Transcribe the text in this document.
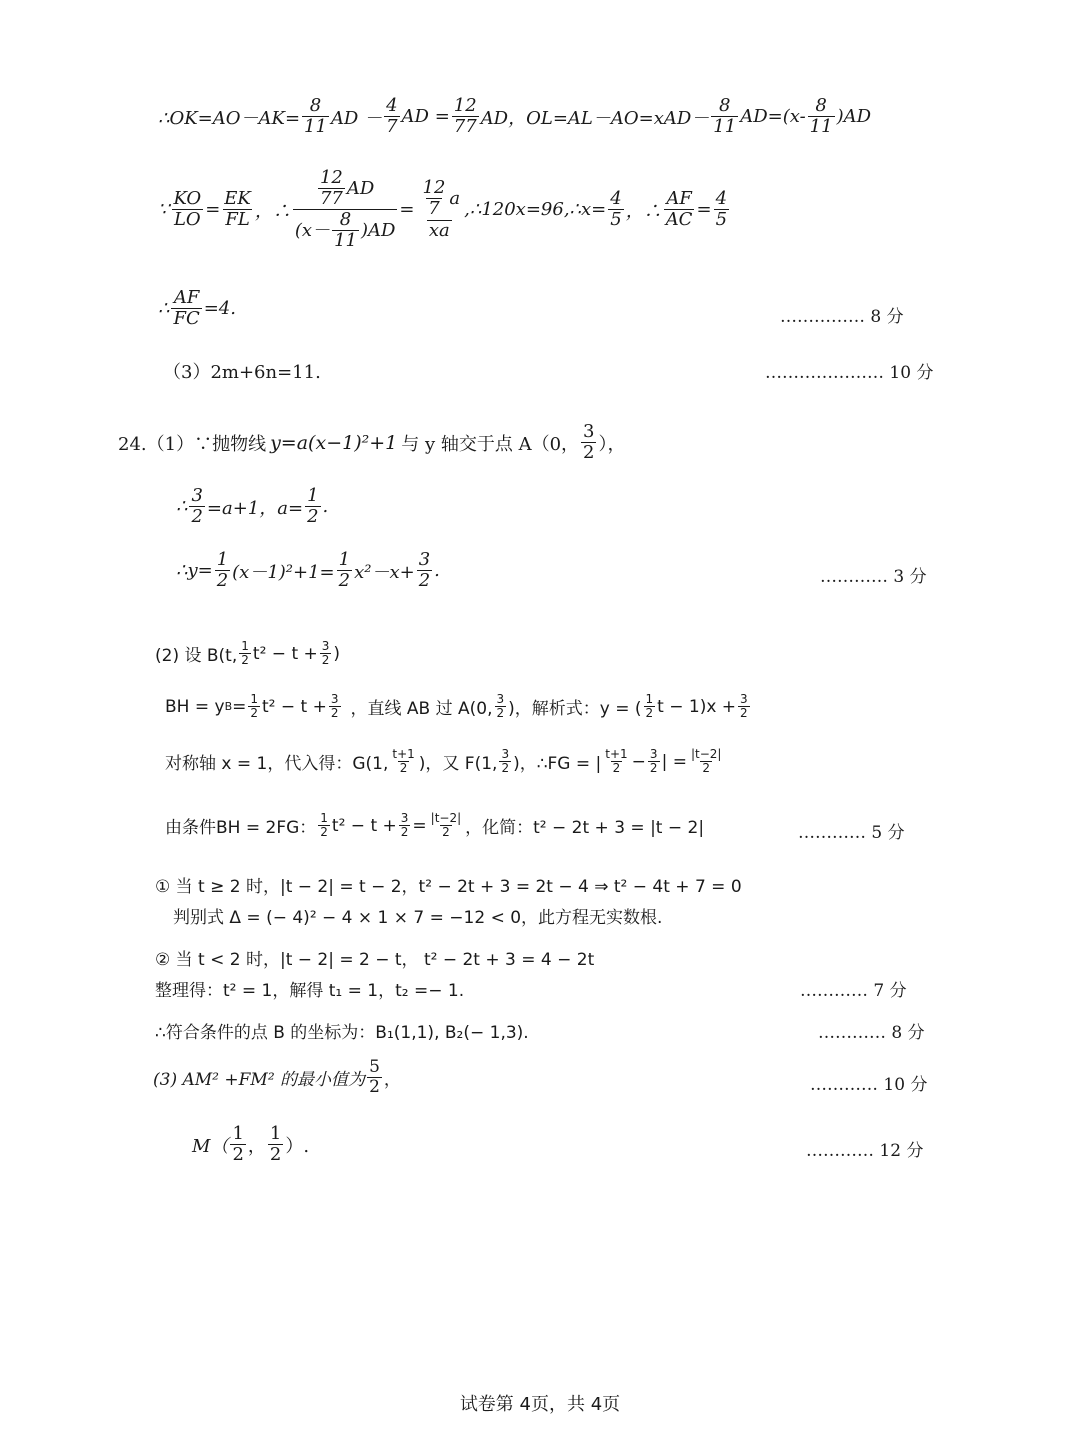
∴OK=AO－AK= $\frac{8}{11}$ AD － $\frac{4}{7}$ AD = $\frac{12}{77}$ AD，$OL=AL-AO=xAD- \frac{8}{11} AD=(x- \frac{8}{11} )AD$
∵ $\frac{KO}{LO} = \frac{EK}{FL}$ ，∴ $\frac{\frac{12}{77} AD}{(x- \frac{8}{11} )AD} = \frac{\frac{12}{7} a}{xa}$ ,∴120x=96,∴x= $\frac{4}{5}$ ，∴ $\frac{AF}{AC} = \frac{4}{5}$
∴ $\frac{AF}{FC} =4$.	…………… 8 分
（3）2m+6n=11.	………………… 10 分
24.（1）∵抛物线 y=a(x−1)²+1 与 y 轴交于点 A（0， $\frac{3}{2}$ ），
∴ $\frac{3}{2} =a+1$，$a= \frac{1}{2}$ .
∴y= $\frac{1}{2} (x-1)^2+1= \frac{1}{2} x^2-x+ \frac{3}{2}$ .	………… 3 分
(2) 设 B(t, $\frac{1}{2} t^2 - t + \frac{3}{2}$ )
BH = y $B = \frac{1}{2} t^2 - t + \frac{3}{2}$ ，直线 AB 过 A(0, $\frac{3}{2}$ )，解析式：y = ( $\frac{1}{2}$ $t - 1)x + \frac{3}{2}$
对称轴 x = 1，代入得：G(1, $\frac{t+1}{2}$ )，又 F(1, $\frac{3}{2}$ )，∴FG = | $\frac{t+1}{2} - \frac{3}{2}$ | = $\frac{|t-2|}{2}$
由条件BH = 2FG： $\frac{1}{2} t^2 - t + \frac{3}{2} = \frac{|t-2|}{2}$ ，化简：t² − 2t + 3 = |t − 2|	………… 5 分
① 当 t ≥ 2 时，|t − 2| = t − 2，t² − 2t + 3 = 2t − 4 ⇒ t² − 4t + 7 = 0
判别式 Δ = (− 4)² − 4 × 1 × 7 = −12 < 0，此方程无实数根.
② 当 t < 2 时，|t − 2| = 2 − t， t² − 2t + 3 = 4 − 2t
整理得：t² = 1，解得 t₁ = 1，t₂ =− 1.	………… 7 分
∴符合条件的点 B 的坐标为：B₁(1,1), B₂(− 1,3).	………… 8 分
(3) AM² +FM² 的最小值为 $\frac{5}{2}$ ，	………… 10 分
$M( \frac{1}{2}$ ， $\frac{1}{2}$ ）.	………… 12 分
试卷第 4页，共 4页
